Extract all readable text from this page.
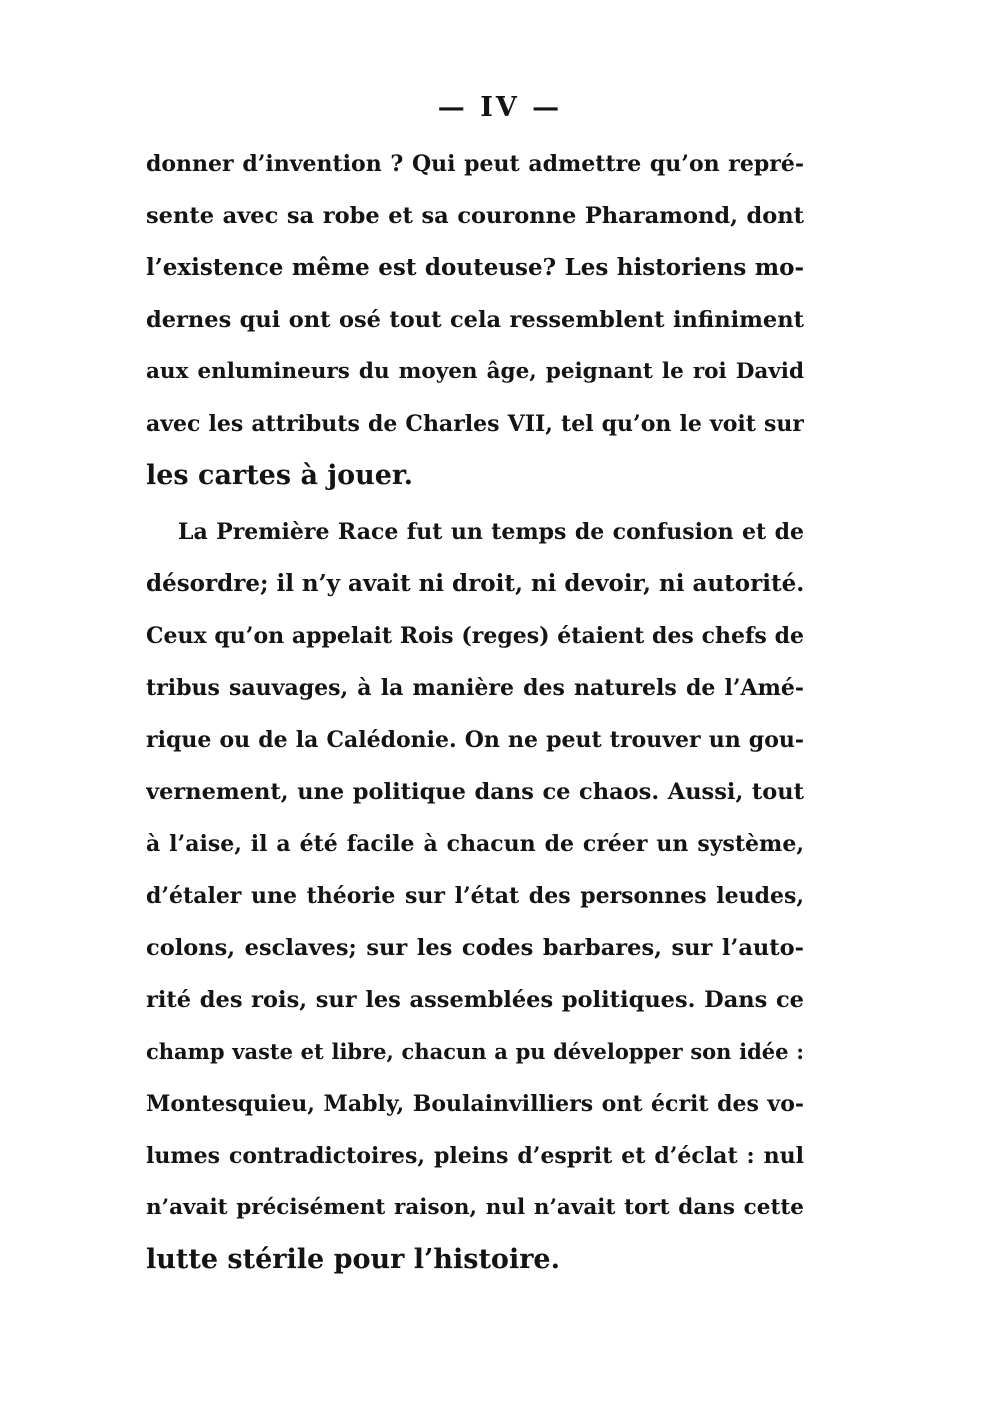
— IV —
donner d’invention ? Qui peut admettre qu’on repré-
sente avec sa robe et sa couronne Pharamond, dont
l’existence même est douteuse? Les historiens mo-
dernes qui ont osé tout cela ressemblent infiniment
aux enlumineurs du moyen âge, peignant le roi David
avec les attributs de Charles VII, tel qu’on le voit sur
les cartes à jouer.
La Première Race fut un temps de confusion et de
désordre; il n’y avait ni droit, ni devoir, ni autorité.
Ceux qu’on appelait Rois (reges) étaient des chefs de
tribus sauvages, à la manière des naturels de l’Amé-
rique ou de la Calédonie. On ne peut trouver un gou-
vernement, une politique dans ce chaos. Aussi, tout
à l’aise, il a été facile à chacun de créer un système,
d’étaler une théorie sur l’état des personnes leudes,
colons, esclaves; sur les codes barbares, sur l’auto-
rité des rois, sur les assemblées politiques. Dans ce
champ vaste et libre, chacun a pu développer son idée :
Montesquieu, Mably, Boulainvilliers ont écrit des vo-
lumes contradictoires, pleins d’esprit et d’éclat : nul
n’avait précisément raison, nul n’avait tort dans cette
lutte stérile pour l’histoire.
